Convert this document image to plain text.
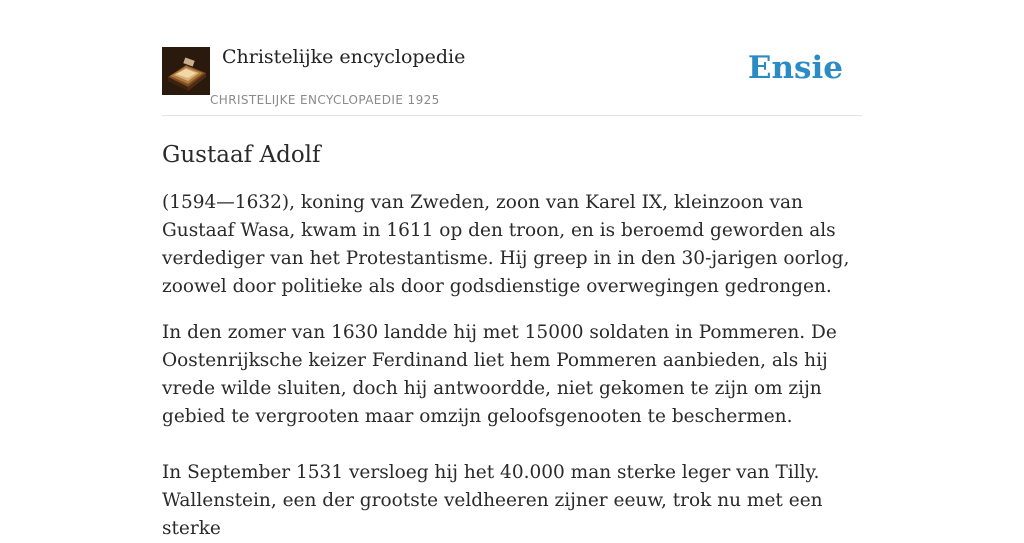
Christelijke encyclopedie
CHRISTELIJKE ENCYCLOPAEDIE 1925
Ensie
Gustaaf Adolf

(1594—1632), koning van Zweden, zoon van Karel IX, kleinzoon van Gustaaf Wasa, kwam in 1611 op den troon, en is beroemd geworden als verdediger van het Protestantisme. Hij greep in in den 30-jarigen oorlog, zoowel door politieke als door godsdienstige overwegingen gedrongen.

In den zomer van 1630 landde hij met 15000 soldaten in Pommeren. De Oostenrijksche keizer Ferdinand liet hem Pommeren aanbieden, als hij vrede wilde sluiten, doch hij antwoordde, niet gekomen te zijn om zijn gebied te vergrooten maar omzijn geloofsgenooten te beschermen.

In September 1531 versloeg hij het 40.000 man sterke leger van Tilly. Wallenstein, een der grootste veldheeren zijner eeuw, trok nu met een sterke
